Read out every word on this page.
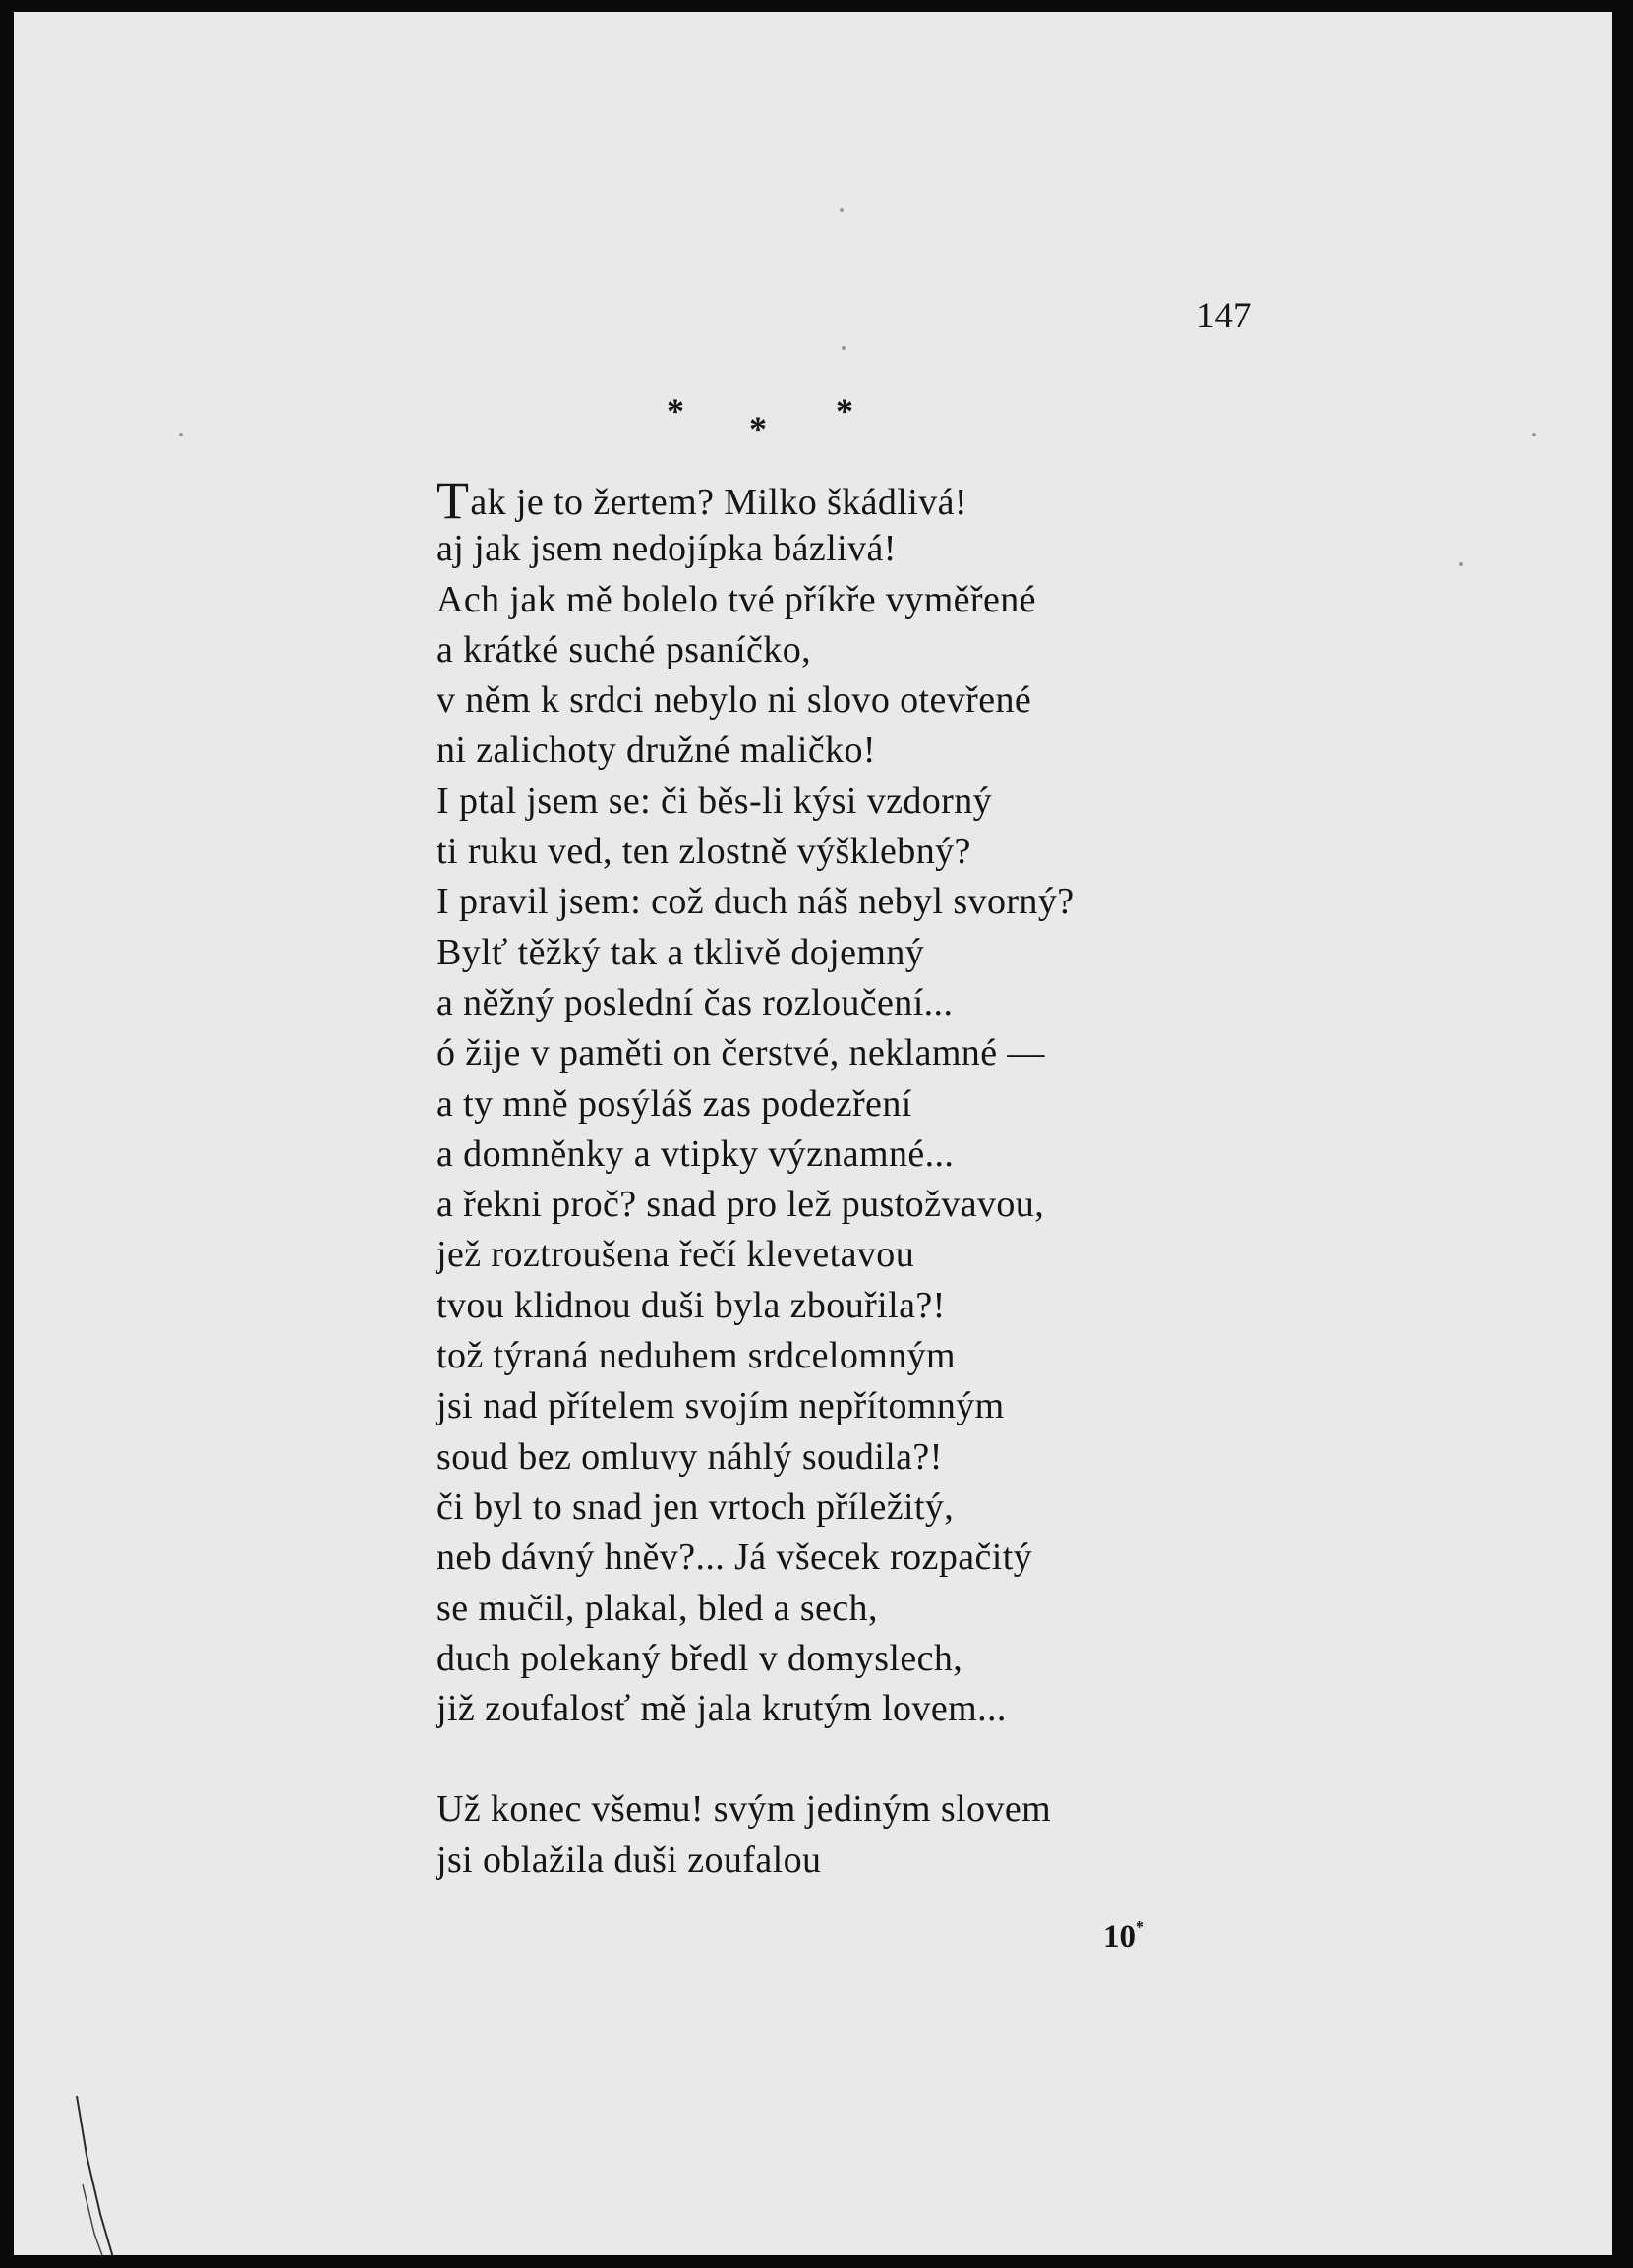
147
*	*
*
Tak je to žertem? Milko škádlivá!
aj jak jsem nedojípka bázlivá!
Ach jak mě bolelo tvé příkře vyměřené
a krátké suché psaníčko,
v něm k srdci nebylo ni slovo otevřené
ni zalichoty družné maličko!
I ptal jsem se: či běs-li kýsi vzdorný
ti ruku ved, ten zlostně výšklebný?
I pravil jsem: což duch náš nebyl svorný?
Bylť těžký tak a tklivě dojemný
a něžný poslední čas rozloučení...
ó žije v paměti on čerstvé, neklamné —
a ty mně posýláš zas podezření
a domněnky a vtipky významné...
a řekni proč? snad pro lež pustožvavou,
jež roztroušena řečí klevetavou
tvou klidnou duši byla zbouřila?!
tož týraná neduhem srdcelomným
jsi nad přítelem svojím nepřítomným
soud bez omluvy náhlý soudila?!
či byl to snad jen vrtoch příležitý,
neb dávný hněv?... Já všecek rozpačitý
se mučil, plakal, bled a sech,
duch polekaný bředl v domyslech,
již zoufalosť mě jala krutým lovem...
Už konec všemu! svým jediným slovem
jsi oblažila duši zoufalou
10*
